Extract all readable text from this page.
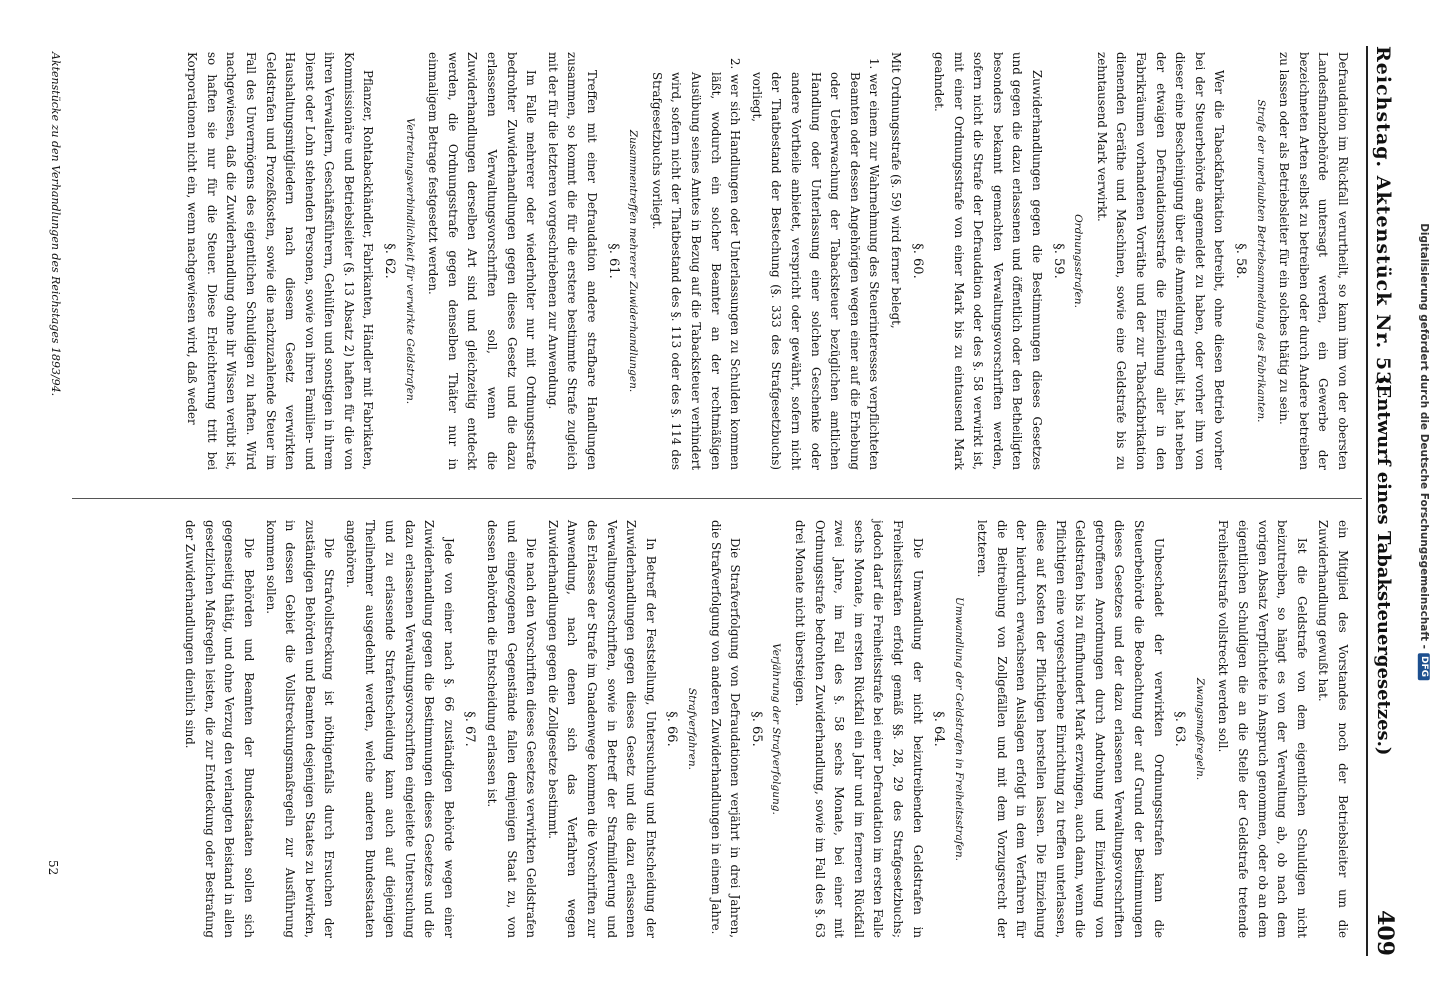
Reichstag. Aktenstück Nr. 53.
(Entwurf eines Tabaksteuergesetzes.)
409

Defraudation im Rückfall verurtheilt, so kann ihm von der obersten Landesfinanzbehörde untersagt werden, ein Gewerbe der bezeichneten Arten selbst zu betreiben oder durch Andere betreiben zu lassen oder als Betriebsleiter für ein solches thätig zu sein.

Strafe der unerlaubten Betriebsanmeldung des Fabrikanten.

§. 58.

Wer die Tabackfabrikation betreibt, ohne diesen Betrieb vorher bei der Steuerbehörde angemeldet zu haben, oder vorher ihm von dieser eine Bescheinigung über die Anmeldung ertheilt ist, hat neben der etwaigen Defraudationsstrafe die Einziehung aller in den Fabrikräumen vorhandenen Vorräthe und der zur Tabackfabrikation dienenden Geräthe und Maschinen, sowie eine Geldstrafe bis zu zehntausend Mark verwirkt.

Ordnungsstrafen.

§. 59.

Zuwiderhandlungen gegen die Bestimmungen dieses Gesetzes und gegen die dazu erlassenen und öffentlich oder den Betheiligten besonders bekannt gemachten Verwaltungsvorschriften werden, sofern nicht die Strafe der Defraudation oder des §. 58 verwirkt ist, mit einer Ordnungsstrafe von einer Mark bis zu eintausend Mark geahndet.

§. 60.

Mit Ordnungsstrafe (§. 59) wird ferner belegt,

1. wer einem zur Wahrnehmung des Steuerinteresses verpflichteten Beamten oder dessen Angehörigen wegen einer auf die Erhebung oder Ueberwachung der Tabacksteuer bezüglichen amtlichen Handlung oder Unterlassung einer solchen Geschenke oder andere Vortheile anbietet, verspricht oder gewährt, sofern nicht der Thatbestand der Bestechung (§. 333 des Strafgesetzbuchs) vorliegt,

2. wer sich Handlungen oder Unterlassungen zu Schulden kommen läßt, wodurch ein solcher Beamter an der rechtmäßigen Ausübung seines Amtes in Bezug auf die Tabacksteuer verhindert wird, sofern nicht der Thatbestand des §. 113 oder des §. 114 des Strafgesetzbuchs vorliegt.

Zusammentreffen mehrerer Zuwiderhandlungen.

§. 61.

Treffen mit einer Defraudation andere strafbare Handlungen zusammen, so kommt die für die erstere bestimmte Strafe zugleich mit der für die letzteren vorgeschriebenen zur Anwendung.

Im Falle mehrerer oder wiederholter nur mit Ordnungsstrafe bedrohter Zuwiderhandlungen gegen dieses Gesetz und die dazu erlassenen Verwaltungsvorschriften soll, wenn die Zuwiderhandlungen derselben Art sind und gleichzeitig entdeckt werden, die Ordnungsstrafe gegen denselben Thäter nur in einmaligem Betrage festgesetzt werden.

Vertretungsverbindlichkeit für verwirkte Geldstrafen.

§. 62.

Pflanzer, Rohtabackhändler, Fabrikanten, Händler mit Fabrikaten, Kommissionäre und Betriebsleiter (§. 13 Absatz 2) haften für die von ihren Verwaltern, Geschäftsführern, Gehülfen und sonstigen in ihrem Dienst oder Lohn stehenden Personen, sowie von ihren Familien- und Haushaltungsmitgliedern nach diesem Gesetz verwirkten Geldstrafen und Prozeßkosten, sowie die nachzuzahlende Steuer im Fall des Unvermögens des eigentlichen Schuldigen zu haften. Wird nachgewiesen, daß die Zuwiderhandlung ohne ihr Wissen verübt ist, so haften sie nur für die Steuer. Diese Erleichterung tritt bei Korporationen nicht ein, wenn nachgewiesen wird, daß weder

ein Mitglied des Vorstandes noch der Betriebsleiter um die Zuwiderhandlung gewußt hat.

Ist die Geldstrafe von dem eigentlichen Schuldigen nicht beizutreiben, so hängt es von der Verwaltung ab, ob nach dem vorigen Absatz Verpflichtete in Anspruch genommen, oder ob an dem eigentlichen Schuldigen die an die Stelle der Geldstrafe tretende Freiheitsstrafe vollstreckt werden soll.

Zwangsmaßregeln.

§. 63.

Unbeschadet der verwirkten Ordnungsstrafen kann die Steuerbehörde die Beobachtung der auf Grund der Bestimmungen dieses Gesetzes und der dazu erlassenen Verwaltungsvorschriften getroffenen Anordnungen durch Androhung und Einziehung von Geldstrafen bis zu fünfhundert Mark erzwingen, auch dann, wenn die Pflichtigen eine vorgeschriebene Einrichtung zu treffen unterlassen, diese auf Kosten der Pflichtigen herstellen lassen. Die Einziehung der hierdurch erwachsenen Auslagen erfolgt in dem Verfahren für die Beitreibung von Zollgefällen und mit dem Vorzugsrecht der letzteren.

Umwandlung der Geldstrafen in Freiheitsstrafen.

§. 64.

Die Umwandlung der nicht beizutreibenden Geldstrafen in Freiheitsstrafen erfolgt gemäß §§. 28, 29 des Strafgesetzbuchs; jedoch darf die Freiheitsstrafe bei einer Defraudation im ersten Falle sechs Monate, im ersten Rückfall ein Jahr und im ferneren Rückfall zwei Jahre, im Fall des §. 58 sechs Monate, bei einer mit Ordnungsstrafe bedrohten Zuwiderhandlung, sowie im Fall des §. 63 drei Monate nicht übersteigen.

Verjährung der Strafverfolgung.

§. 65.

Die Strafverfolgung von Defraudationen verjährt in drei Jahren, die Strafverfolgung von anderen Zuwiderhandlungen in einem Jahre.

Strafverfahren.

§. 66.

In Betreff der Feststellung, Untersuchung und Entscheidung der Zuwiderhandlungen gegen dieses Gesetz und die dazu erlassenen Verwaltungsvorschriften, sowie in Betreff der Strafmilderung und des Erlasses der Strafe im Gnadenwege kommen die Vorschriften zur Anwendung, nach denen sich das Verfahren wegen Zuwiderhandlungen gegen die Zollgesetze bestimmt.

Die nach den Vorschriften dieses Gesetzes verwirkten Geldstrafen und eingezogenen Gegenstände fallen demjenigen Staat zu, von dessen Behörden die Entscheidung erlassen ist.

§. 67.

Jede von einer nach §. 66 zuständigen Behörde wegen einer Zuwiderhandlung gegen die Bestimmungen dieses Gesetzes und die dazu erlassenen Verwaltungsvorschriften eingeleitete Untersuchung und zu erlassende Strafentscheidung kann auch auf diejenigen Theilnehmer ausgedehnt werden, welche anderen Bundesstaaten angehören.

Die Strafvollstreckung ist nöthigenfalls durch Ersuchen der zuständigen Behörden und Beamten desjenigen Staates zu bewirken, in dessen Gebiet die Vollstreckungsmaßregeln zur Ausführung kommen sollen.

Die Behörden und Beamten der Bundesstaaten sollen sich gegenseitig thätig, und ohne Verzug den verlangten Beistand in allen gesetzlichen Maßregeln leisten, die zur Entdeckung oder Bestrafung der Zuwiderhandlungen dienlich sind.

Aktenstücke zu den Verhandlungen des Reichstages 1893/94.
52
Digitalisierung gefördert durch die Deutsche Forschungsgemeinschaft -
DFG
